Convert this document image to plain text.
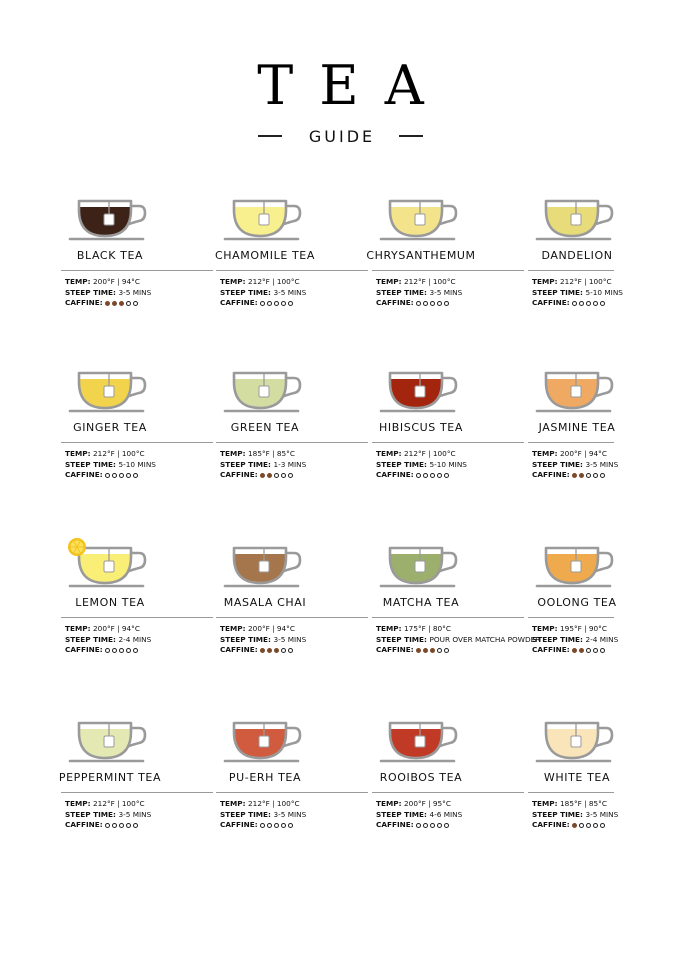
TEA
GUIDE
BLACK TEA
TEMP: 200°F | 94°C
STEEP TIME: 3-5 MINS
CAFFINE:
CHAMOMILE TEA
TEMP: 212°F | 100°C
STEEP TIME: 3-5 MINS
CAFFINE:
CHRYSANTHEMUM
TEMP: 212°F | 100°C
STEEP TIME: 3-5 MINS
CAFFINE:
DANDELION
TEMP: 212°F | 100°C
STEEP TIME: 5-10 MINS
CAFFINE:
GINGER TEA
TEMP: 212°F | 100°C
STEEP TIME: 5-10 MINS
CAFFINE:
GREEN TEA
TEMP: 185°F | 85°C
STEEP TIME: 1-3 MINS
CAFFINE:
HIBISCUS TEA
TEMP: 212°F | 100°C
STEEP TIME: 5-10 MINS
CAFFINE:
JASMINE TEA
TEMP: 200°F | 94°C
STEEP TIME: 3-5 MINS
CAFFINE:
LEMON TEA
TEMP: 200°F | 94°C
STEEP TIME: 2-4 MINS
CAFFINE:
MASALA CHAI
TEMP: 200°F | 94°C
STEEP TIME: 3-5 MINS
CAFFINE:
MATCHA TEA
TEMP: 175°F | 80°C
STEEP TIME: POUR OVER MATCHA POWDER
CAFFINE:
OOLONG TEA
TEMP: 195°F | 90°C
STEEP TIME: 2-4 MINS
CAFFINE:
PEPPERMINT TEA
TEMP: 212°F | 100°C
STEEP TIME: 3-5 MINS
CAFFINE:
PU-ERH TEA
TEMP: 212°F | 100°C
STEEP TIME: 3-5 MINS
CAFFINE:
ROOIBOS TEA
TEMP: 200°F | 95°C
STEEP TIME: 4-6 MINS
CAFFINE:
WHITE TEA
TEMP: 185°F | 85°C
STEEP TIME: 3-5 MINS
CAFFINE:
